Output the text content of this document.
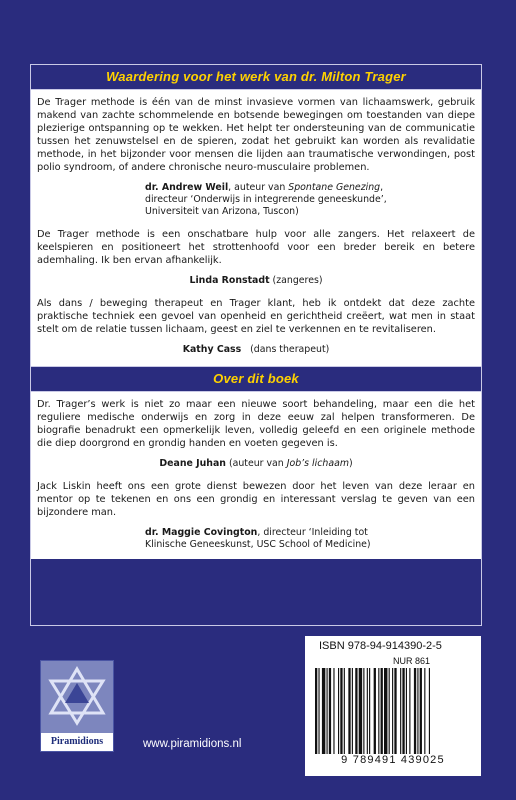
Waardering voor het werk van dr. Milton Trager

De Trager methode is één van de minst invasieve vormen van lichaamswerk, gebruik makend van zachte schommelende en botsende bewegingen om toestanden van diepe plezierige ontspanning op te wekken. Het helpt ter ondersteuning van de communicatie tussen het zenuwstelsel en de spieren, zodat het gebruikt kan worden als revalidatie methode, in het bijzonder voor mensen die lijden aan traumatische verwondingen, post polio syndroom, of andere chronische neuro-musculaire problemen.

dr. Andrew Weil, auteur van Spontane Genezing,
directeur ‘Onderwijs in integrerende geneeskunde’,
Universiteit van Arizona, Tuscon)

De Trager methode is een onschatbare hulp voor alle zangers. Het relaxeert de keelspieren en positioneert het strottenhoofd voor een breder bereik en betere ademhaling. Ik ben ervan afhankelijk.

Linda Ronstadt (zangeres)

Als dans / beweging therapeut en Trager klant, heb ik ontdekt dat deze zachte praktische techniek een gevoel van openheid en gerichtheid creëert, wat men in staat stelt om de relatie tussen lichaam, geest en ziel te verkennen en te revitaliseren.

Kathy Cass   (dans therapeut)
Over dit boek

Dr. Trager’s werk is niet zo maar een nieuwe soort behandeling, maar een die het reguliere medische onderwijs en zorg in deze eeuw zal helpen transformeren. De biografie benadrukt een opmerkelijk leven, volledig geleefd en een originele methode die diep doorgrond en grondig handen en voeten gegeven is.

Deane Juhan (auteur van Job’s lichaam)

Jack Liskin heeft ons een grote dienst bewezen door het leven van deze leraar en mentor op te tekenen en ons een grondig en interessant verslag te geven van een bijzondere man.

dr. Maggie Covington, directeur ‘Inleiding tot
Klinische Geneeskunst, USC School of Medicine)
Piramidions	www.piramidions.nl
ISBN 978-94-914390-2-5
NUR 861
9 789491 439025
